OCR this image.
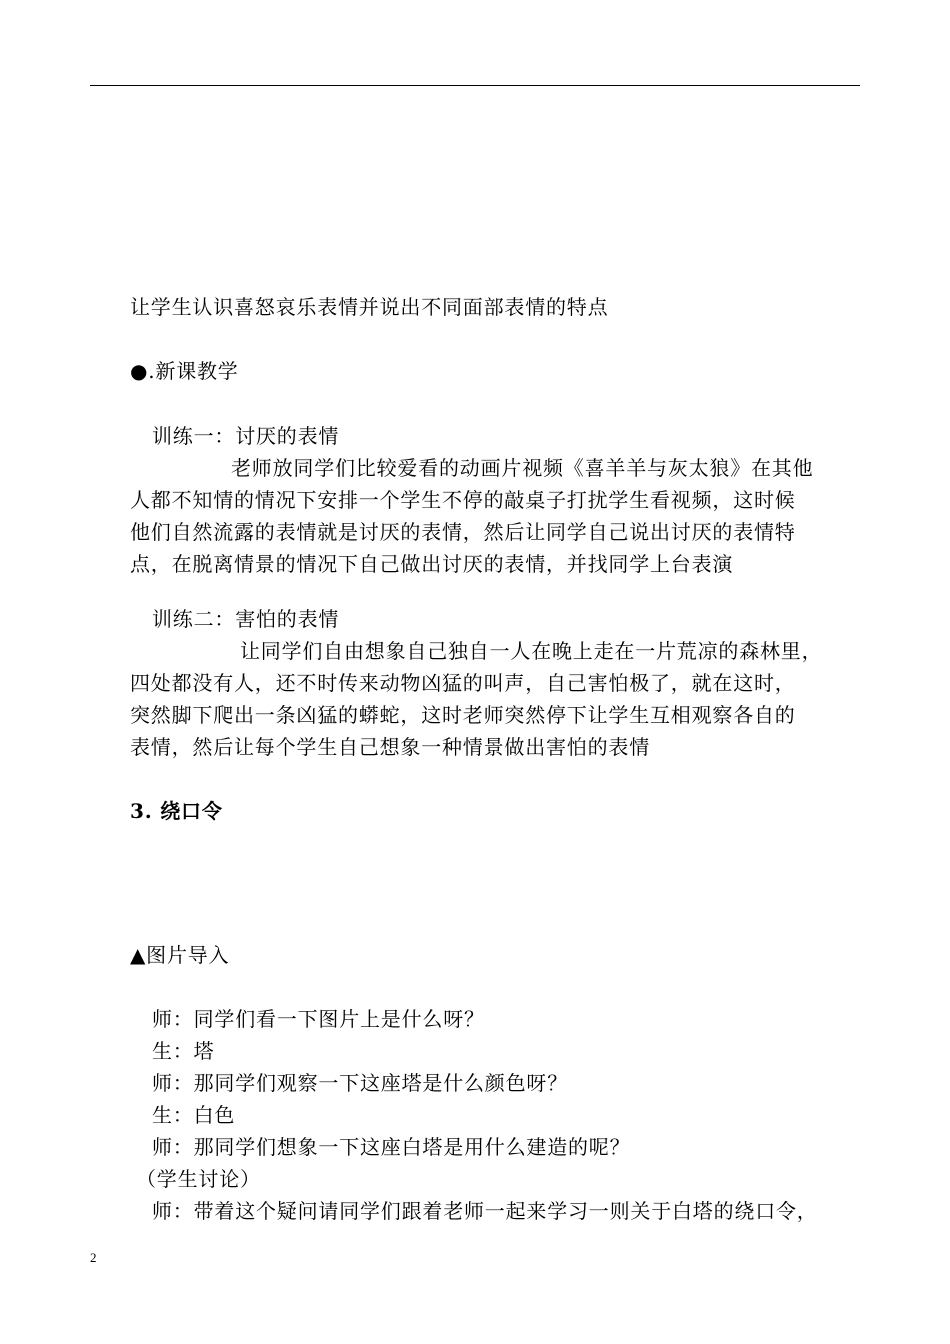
让学生认识喜怒哀乐表情并说出不同面部表情的特点
●.新课教学
训练一：讨厌的表情
老师放同学们比较爱看的动画片视频《喜羊羊与灰太狼》在其他
人都不知情的情况下安排一个学生不停的敲桌子打扰学生看视频，这时候
他们自然流露的表情就是讨厌的表情，然后让同学自己说出讨厌的表情特
点，在脱离情景的情况下自己做出讨厌的表情，并找同学上台表演
训练二：害怕的表情
让同学们自由想象自己独自一人在晚上走在一片荒凉的森林里，
四处都没有人，还不时传来动物凶猛的叫声，自己害怕极了，就在这时，
突然脚下爬出一条凶猛的蟒蛇，这时老师突然停下让学生互相观察各自的
表情，然后让每个学生自己想象一种情景做出害怕的表情
3. 绕口令
▲图片导入
师：同学们看一下图片上是什么呀？
生：塔
师：那同学们观察一下这座塔是什么颜色呀？
生：白色
师：那同学们想象一下这座白塔是用什么建造的呢？
（学生讨论）
师：带着这个疑问请同学们跟着老师一起来学习一则关于白塔的绕口令，
2
